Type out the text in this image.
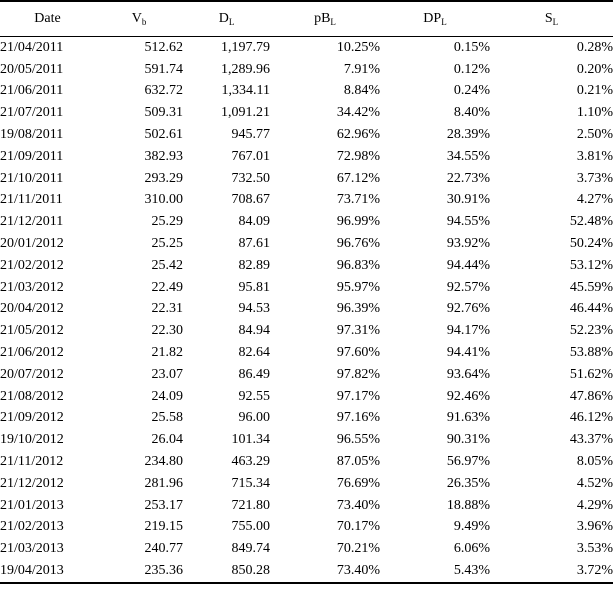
Date	$V_b$	$D_L$	$pB_L$	$DP_L$	$S_L$
21/04/2011	512.62	1,197.79	10.25%	0.15%	0.28%
20/05/2011	591.74	1,289.96	7.91%	0.12%	0.20%
21/06/2011	632.72	1,334.11	8.84%	0.24%	0.21%
21/07/2011	509.31	1,091.21	34.42%	8.40%	1.10%
19/08/2011	502.61	945.77	62.96%	28.39%	2.50%
21/09/2011	382.93	767.01	72.98%	34.55%	3.81%
21/10/2011	293.29	732.50	67.12%	22.73%	3.73%
21/11/2011	310.00	708.67	73.71%	30.91%	4.27%
21/12/2011	25.29	84.09	96.99%	94.55%	52.48%
20/01/2012	25.25	87.61	96.76%	93.92%	50.24%
21/02/2012	25.42	82.89	96.83%	94.44%	53.12%
21/03/2012	22.49	95.81	95.97%	92.57%	45.59%
20/04/2012	22.31	94.53	96.39%	92.76%	46.44%
21/05/2012	22.30	84.94	97.31%	94.17%	52.23%
21/06/2012	21.82	82.64	97.60%	94.41%	53.88%
20/07/2012	23.07	86.49	97.82%	93.64%	51.62%
21/08/2012	24.09	92.55	97.17%	92.46%	47.86%
21/09/2012	25.58	96.00	97.16%	91.63%	46.12%
19/10/2012	26.04	101.34	96.55%	90.31%	43.37%
21/11/2012	234.80	463.29	87.05%	56.97%	8.05%
21/12/2012	281.96	715.34	76.69%	26.35%	4.52%
21/01/2013	253.17	721.80	73.40%	18.88%	4.29%
21/02/2013	219.15	755.00	70.17%	9.49%	3.96%
21/03/2013	240.77	849.74	70.21%	6.06%	3.53%
19/04/2013	235.36	850.28	73.40%	5.43%	3.72%
